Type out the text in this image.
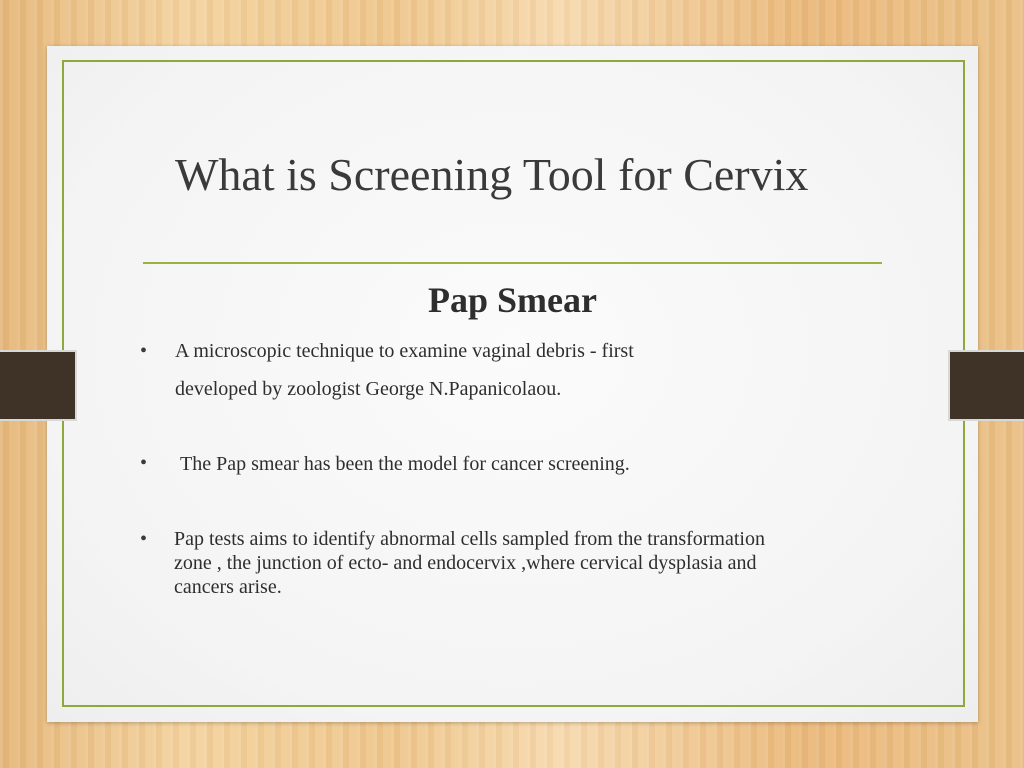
What is Screening Tool for Cervix
Pap Smear
• A microscopic technique to examine vaginal debris - first
developed by zoologist George N.Papanicolaou.
• The Pap smear has been the model for cancer screening.
• Pap tests aims to identify abnormal cells sampled from the transformation
zone , the junction of ecto- and endocervix ,where cervical dysplasia and
cancers arise.
